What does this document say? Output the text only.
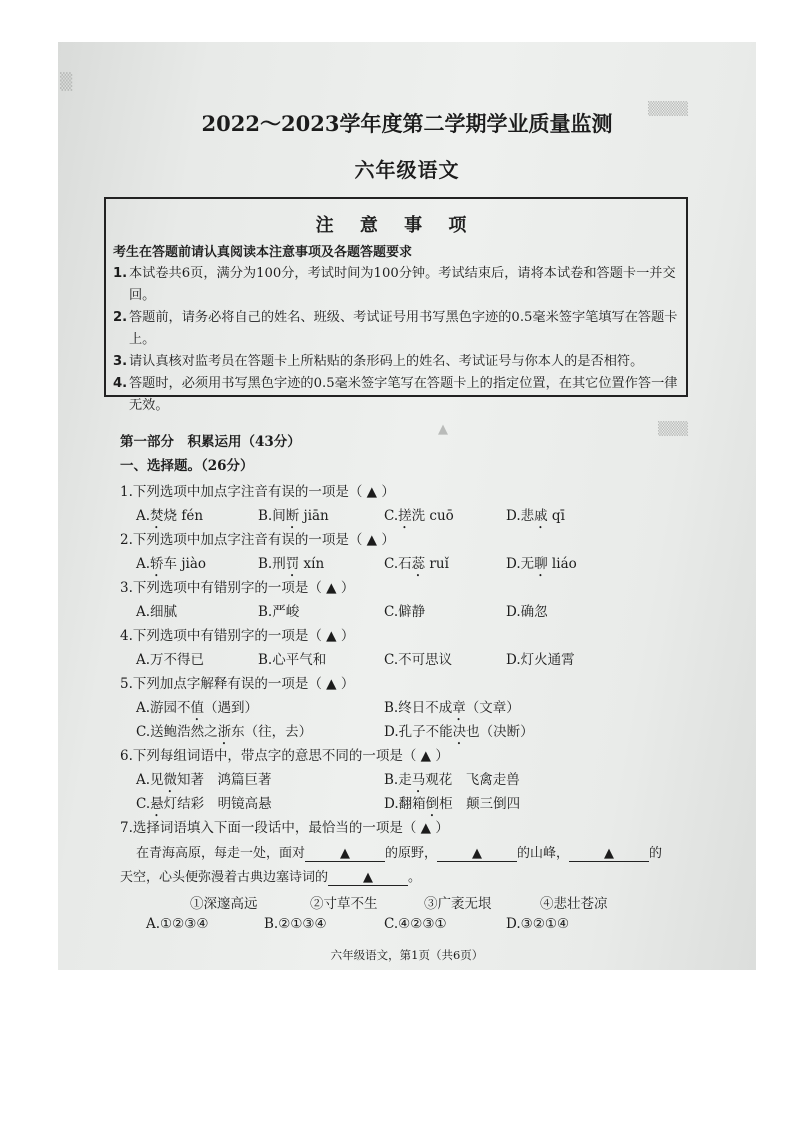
▒
▒▒▒▒
▲	▒▒▒
2022～2023学年度第二学期学业质量监测
六年级语文
注 意 事 项
考生在答题前请认真阅读本注意事项及各题答题要求
1. 本试卷共6页，满分为100分，考试时间为100分钟。考试结束后，请将本试卷和答题卡一并交回。
2. 答题前，请务必将自己的姓名、班级、考试证号用书写黑色字迹的0.5毫米签字笔填写在答题卡上。
3. 请认真核对监考员在答题卡上所粘贴的条形码上的姓名、考试证号与你本人的是否相符。
4. 答题时，必须用书写黑色字迹的0.5毫米签字笔写在答题卡上的指定位置，在其它位置作答一律无效。
第一部分　积累运用（43分）
一、选择题。（26分）
1.下列选项中加点字注音有误的一项是（ ▲ ）
A.焚烧 fén	B.间断 jiān	C.搓洗 cuō	D.悲戚 qī
2.下列选项中加点字注音有误的一项是（ ▲ ）
A.轿车 jiào	B.刑罚 xín	C.石蕊 ruǐ	D.无聊 liáo
3.下列选项中有错别字的一项是（ ▲ ）
A.细腻	B.严峻	C.僻静	D.确忽
4.下列选项中有错别字的一项是（ ▲ ）
A.万不得已	B.心平气和	C.不可思议	D.灯火通霄
5.下列加点字解释有误的一项是（ ▲ ）
A.游园不值（遇到）	B.终日不成章（文章）
C.送鲍浩然之浙东（往，去）	D.孔子不能决也（决断）
6.下列每组词语中，带点字的意思不同的一项是（ ▲ ）
A.见微知著　鸿篇巨著	B.走马观花　飞禽走兽
C.悬灯结彩　明镜高悬	D.翻箱倒柜　颠三倒四
7.选择词语填入下面一段话中，最恰当的一项是（ ▲ ）
在青海高原，每走一处，面对	▲	的原野，	▲	的山峰，	▲	的
天空，心头便弥漫着古典边塞诗词的	▲	。
①深邃高远	②寸草不生	③广袤无垠	④悲壮苍凉
A.①②③④	B.②①③④	C.④②③①	D.③②①④
六年级语文，第1页（共6页）
